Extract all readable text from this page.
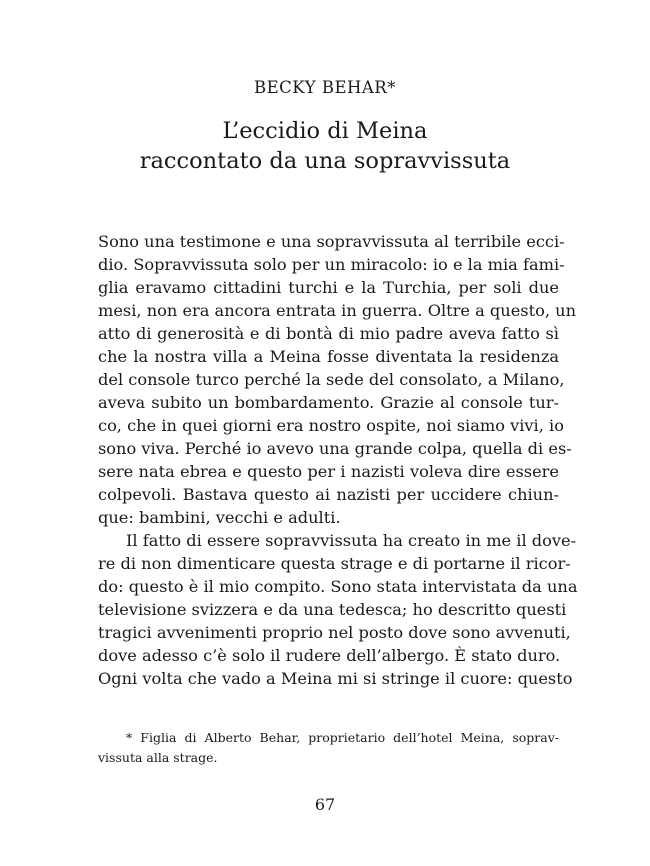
BECKY BEHAR*
L’eccidio di Meina
raccontato da una sopravvissuta
Sono una testimone e una sopravvissuta al terribile ecci-
dio. Sopravvissuta solo per un miracolo: io e la mia fami-
glia eravamo cittadini turchi e la Turchia, per soli due
mesi, non era ancora entrata in guerra. Oltre a questo, un
atto di generosità e di bontà di mio padre aveva fatto sì
che la nostra villa a Meina fosse diventata la residenza
del console turco perché la sede del consolato, a Milano,
aveva subito un bombardamento. Grazie al console tur-
co, che in quei giorni era nostro ospite, noi siamo vivi, io
sono viva. Perché io avevo una grande colpa, quella di es-
sere nata ebrea e questo per i nazisti voleva dire essere
colpevoli. Bastava questo ai nazisti per uccidere chiun-
que: bambini, vecchi e adulti.
Il fatto di essere sopravvissuta ha creato in me il dove-
re di non dimenticare questa strage e di portarne il ricor-
do: questo è il mio compito. Sono stata intervistata da una
televisione svizzera e da una tedesca; ho descritto questi
tragici avvenimenti proprio nel posto dove sono avvenuti,
dove adesso c’è solo il rudere dell’albergo. È stato duro.
Ogni volta che vado a Meina mi si stringe il cuore: questo
* Figlia di Alberto Behar, proprietario dell’hotel Meina, soprav-
vissuta alla strage.
67
